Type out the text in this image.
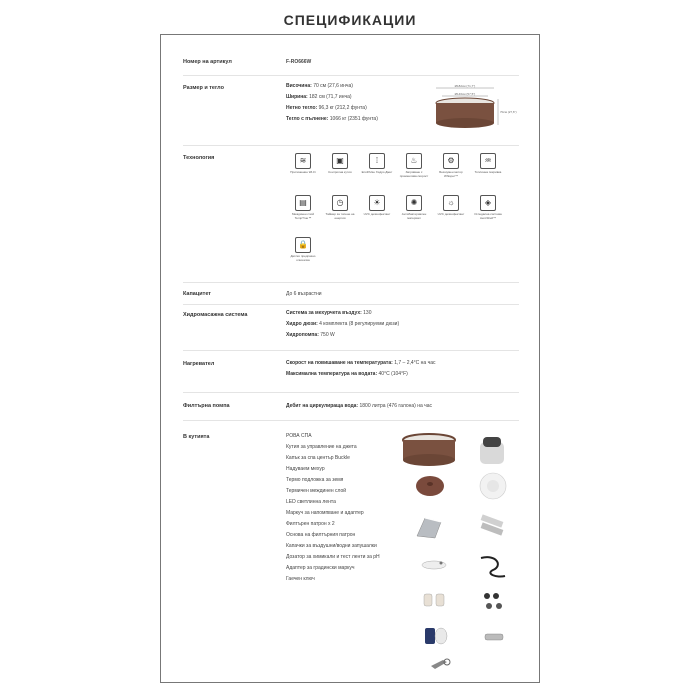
СПЕЦИФИКАЦИИ
Номер на артикул	F-RO666W
Размер и тегло	Височина: 70 см (27,6 инча)
Ширина: 182 см (71,7 инча)
Нетно тегло: 96,3 кг (212,2 фунта)
Тегло с пълнене: 1066 кг (2351 фунта)
Ø182см (71,7")
Ø146см (57,5")
70см (27,6")
Технология	≋
Приложение Wi-Fi
▣
Контролна кутия
⁞
EnviPulse Хидро Джет
♨
Загряване с променлива скорост
⚙
Безшумен мотор Whisper™
♒
Топлинна покривка
▤
Междинен слой TempTrue™
◷
Таймер за топене на енергия
☀
UVC дезинфектант
✺
Антибактериален материал
☼
UVC дезинфектант
◈
Огледална система AeroShell™
🔒
Детско предпазно ключалка
Капацитет	До 6 възрастни
Хидромасажна система	Система за мехурчета въздух: 130
Хидро дюзи: 4 комплекта (8 регулируеми дюзи)
Хидропомпа: 750 W
Нагревател	Скорост на повишаване на температурата: 1,7 – 2,4°C на час
Максимална температура на водата: 40°C (104°F)
Филтърна помпа	Дебит на циркулираща вода: 1800 литра (476 галона) на час
В кутията	РОВА СПА
Кутия за управление на джета
Капък за спа център Buckle
Надуваем мехур
Термо подложка за земя
Термичен междинен слой
LED светлинна лента
Маркуч за напомпване и адаптер
Филтърен патрон x 2
Основа на филтърния патрон
Капачки за въздушни/водни запушалки
Дозатор за химикали и тест ленти за pH
Адаптер за градински маркуч
Гаечен ключ
